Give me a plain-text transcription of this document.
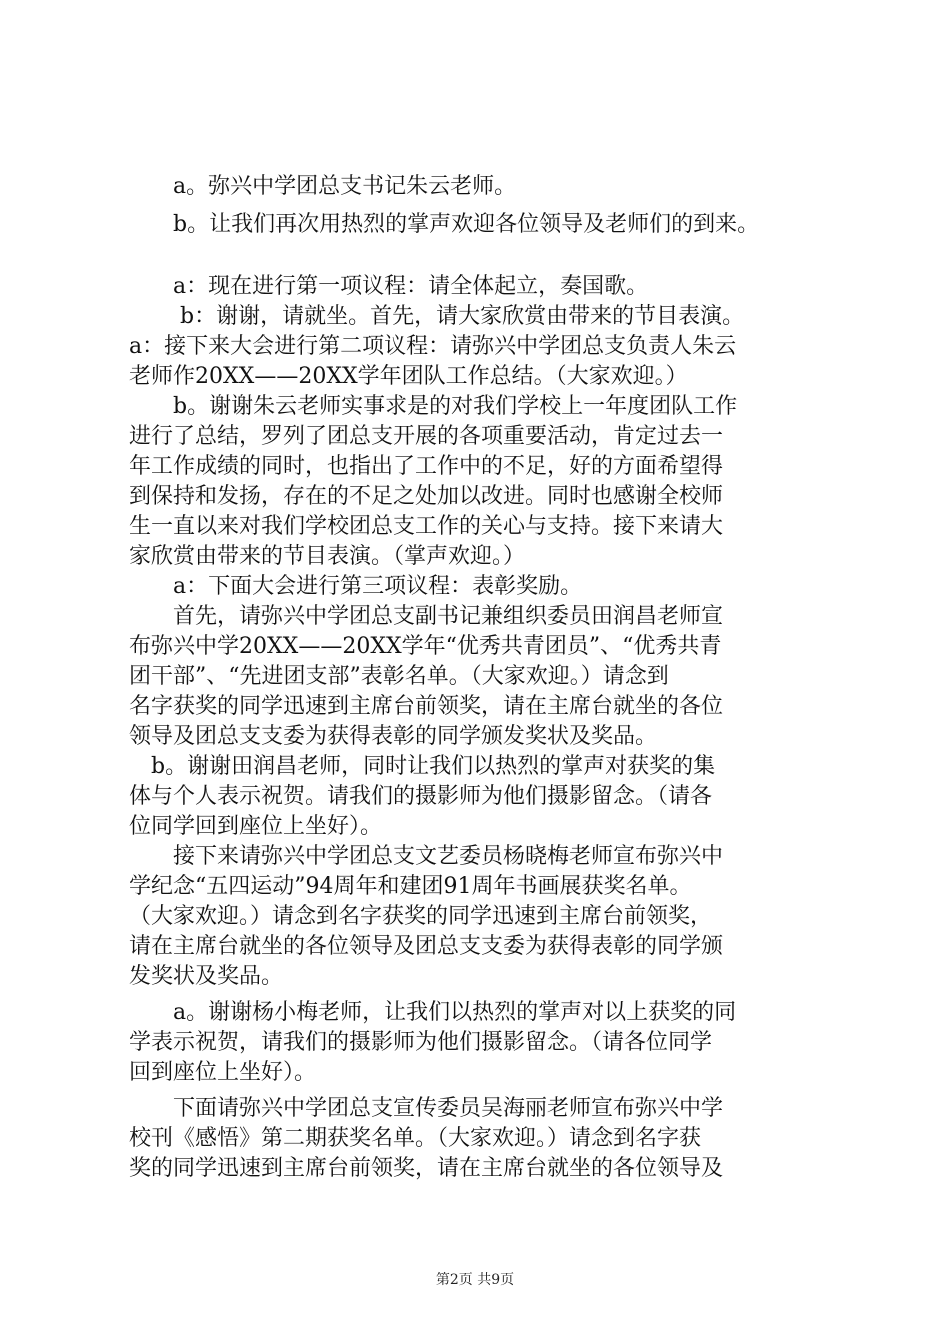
　　a。弥兴中学团总支书记朱云老师。
　　b。让我们再次用热烈的掌声欢迎各位领导及老师们的到来。
　　a：现在进行第一项议程：请全体起立，奏国歌。
　　 b：谢谢，请就坐。首先，请大家欣赏由带来的节目表演。
a：接下来大会进行第二项议程：请弥兴中学团总支负责人朱云
老师作20XX——20XX学年团队工作总结。（大家欢迎。）
　　b。谢谢朱云老师实事求是的对我们学校上一年度团队工作
进行了总结，罗列了团总支开展的各项重要活动，肯定过去一
年工作成绩的同时，也指出了工作中的不足，好的方面希望得
到保持和发扬，存在的不足之处加以改进。同时也感谢全校师
生一直以来对我们学校团总支工作的关心与支持。接下来请大
家欣赏由带来的节目表演。（掌声欢迎。）
　　a：下面大会进行第三项议程：表彰奖励。
　　首先，请弥兴中学团总支副书记兼组织委员田润昌老师宣
布弥兴中学20XX——20XX学年“优秀共青团员”、“优秀共青
团干部”、“先进团支部”表彰名单。（大家欢迎。）请念到
名字获奖的同学迅速到主席台前领奖，请在主席台就坐的各位
领导及团总支支委为获得表彰的同学颁发奖状及奖品。
　b。谢谢田润昌老师，同时让我们以热烈的掌声对获奖的集
体与个人表示祝贺。请我们的摄影师为他们摄影留念。（请各
位同学回到座位上坐好）。
　　接下来请弥兴中学团总支文艺委员杨晓梅老师宣布弥兴中
学纪念“五四运动”94周年和建团91周年书画展获奖名单。
（大家欢迎。）请念到名字获奖的同学迅速到主席台前领奖，
请在主席台就坐的各位领导及团总支支委为获得表彰的同学颁
发奖状及奖品。
　　a。谢谢杨小梅老师，让我们以热烈的掌声对以上获奖的同
学表示祝贺，请我们的摄影师为他们摄影留念。（请各位同学
回到座位上坐好）。
　　下面请弥兴中学团总支宣传委员吴海丽老师宣布弥兴中学
校刊《感悟》第二期获奖名单。（大家欢迎。）请念到名字获
奖的同学迅速到主席台前领奖，请在主席台就坐的各位领导及
第2页 共9页
